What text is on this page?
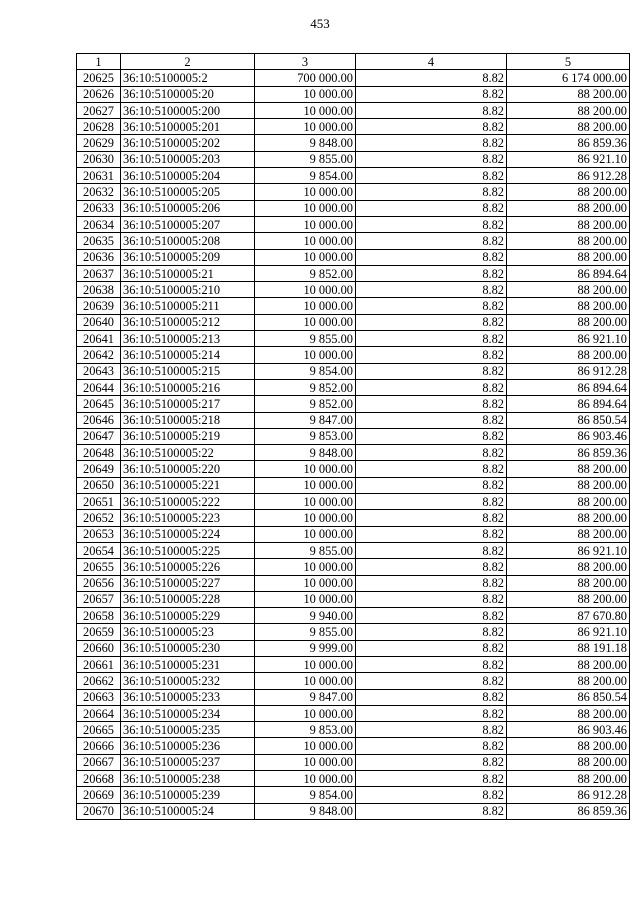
453
1	2	3	4	5
20625	36:10:5100005:2	700 000.00	8.82	6 174 000.00
20626	36:10:5100005:20	10 000.00	8.82	88 200.00
20627	36:10:5100005:200	10 000.00	8.82	88 200.00
20628	36:10:5100005:201	10 000.00	8.82	88 200.00
20629	36:10:5100005:202	9 848.00	8.82	86 859.36
20630	36:10:5100005:203	9 855.00	8.82	86 921.10
20631	36:10:5100005:204	9 854.00	8.82	86 912.28
20632	36:10:5100005:205	10 000.00	8.82	88 200.00
20633	36:10:5100005:206	10 000.00	8.82	88 200.00
20634	36:10:5100005:207	10 000.00	8.82	88 200.00
20635	36:10:5100005:208	10 000.00	8.82	88 200.00
20636	36:10:5100005:209	10 000.00	8.82	88 200.00
20637	36:10:5100005:21	9 852.00	8.82	86 894.64
20638	36:10:5100005:210	10 000.00	8.82	88 200.00
20639	36:10:5100005:211	10 000.00	8.82	88 200.00
20640	36:10:5100005:212	10 000.00	8.82	88 200.00
20641	36:10:5100005:213	9 855.00	8.82	86 921.10
20642	36:10:5100005:214	10 000.00	8.82	88 200.00
20643	36:10:5100005:215	9 854.00	8.82	86 912.28
20644	36:10:5100005:216	9 852.00	8.82	86 894.64
20645	36:10:5100005:217	9 852.00	8.82	86 894.64
20646	36:10:5100005:218	9 847.00	8.82	86 850.54
20647	36:10:5100005:219	9 853.00	8.82	86 903.46
20648	36:10:5100005:22	9 848.00	8.82	86 859.36
20649	36:10:5100005:220	10 000.00	8.82	88 200.00
20650	36:10:5100005:221	10 000.00	8.82	88 200.00
20651	36:10:5100005:222	10 000.00	8.82	88 200.00
20652	36:10:5100005:223	10 000.00	8.82	88 200.00
20653	36:10:5100005:224	10 000.00	8.82	88 200.00
20654	36:10:5100005:225	9 855.00	8.82	86 921.10
20655	36:10:5100005:226	10 000.00	8.82	88 200.00
20656	36:10:5100005:227	10 000.00	8.82	88 200.00
20657	36:10:5100005:228	10 000.00	8.82	88 200.00
20658	36:10:5100005:229	9 940.00	8.82	87 670.80
20659	36:10:5100005:23	9 855.00	8.82	86 921.10
20660	36:10:5100005:230	9 999.00	8.82	88 191.18
20661	36:10:5100005:231	10 000.00	8.82	88 200.00
20662	36:10:5100005:232	10 000.00	8.82	88 200.00
20663	36:10:5100005:233	9 847.00	8.82	86 850.54
20664	36:10:5100005:234	10 000.00	8.82	88 200.00
20665	36:10:5100005:235	9 853.00	8.82	86 903.46
20666	36:10:5100005:236	10 000.00	8.82	88 200.00
20667	36:10:5100005:237	10 000.00	8.82	88 200.00
20668	36:10:5100005:238	10 000.00	8.82	88 200.00
20669	36:10:5100005:239	9 854.00	8.82	86 912.28
20670	36:10:5100005:24	9 848.00	8.82	86 859.36
